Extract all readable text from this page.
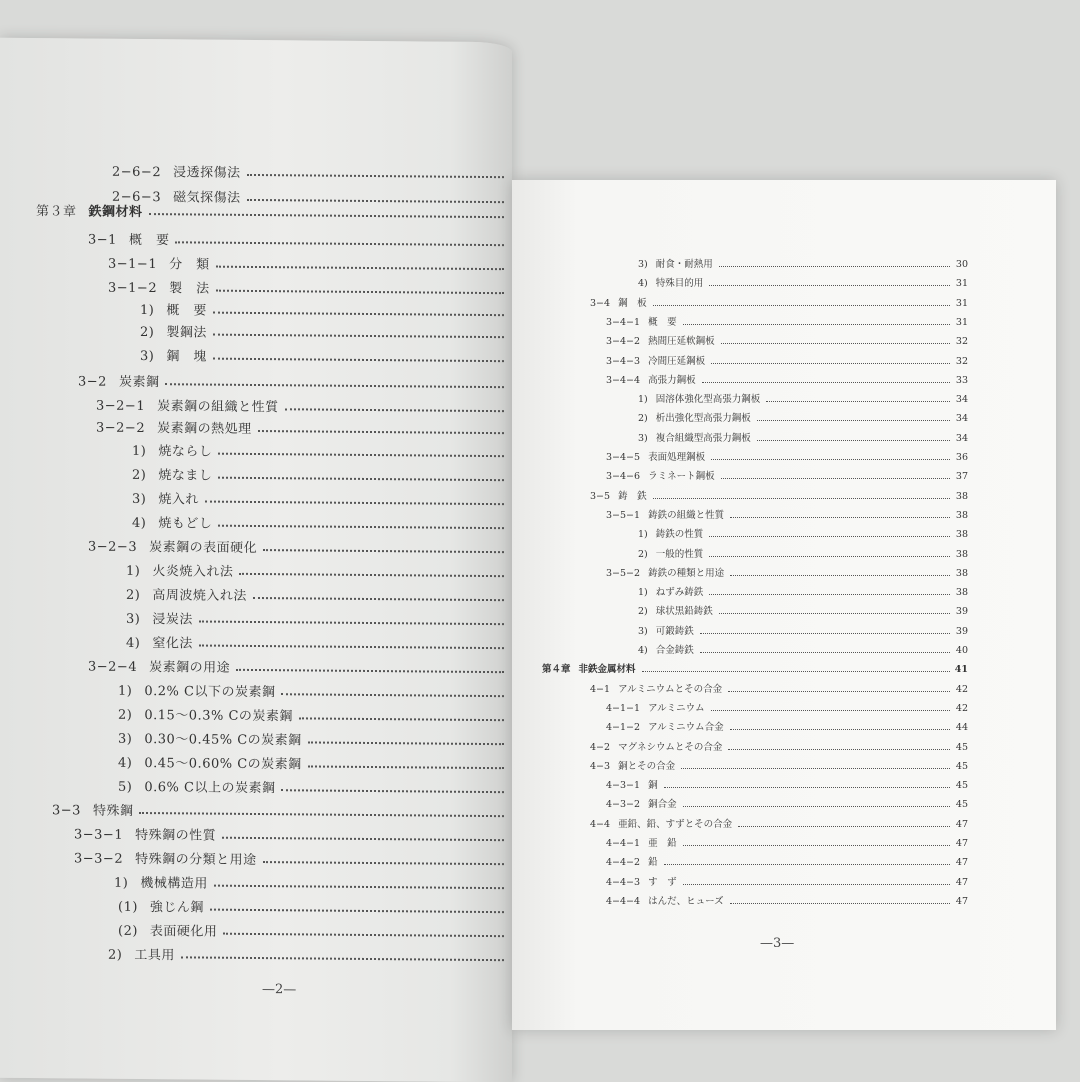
2−6−2 浸透探傷法
2−6−3 磁気探傷法
第３章 鉄鋼材料
3−1 概　要
3−1−1 分　類
3−1−2 製　法
1) 概　要
2) 製鋼法
3) 鋼　塊
3−2 炭素鋼
3−2−1 炭素鋼の組織と性質
3−2−2 炭素鋼の熱処理
1) 焼ならし
2) 焼なまし
3) 焼入れ
4) 焼もどし
3−2−3 炭素鋼の表面硬化
1) 火炎焼入れ法
2) 高周波焼入れ法
3) 浸炭法
4) 窒化法
3−2−4 炭素鋼の用途
1) 0.2% C以下の炭素鋼
2) 0.15〜0.3% Cの炭素鋼
3) 0.30〜0.45% Cの炭素鋼
4) 0.45〜0.60% Cの炭素鋼
5) 0.6% C以上の炭素鋼
3−3 特殊鋼
3−3−1 特殊鋼の性質
3−3−2 特殊鋼の分類と用途
1) 機械構造用
(1) 強じん鋼
(2) 表面硬化用
2) 工具用
—2—
3) 耐食・耐熱用	30
4) 特殊目的用	31
3−4 鋼　板	31
3−4−1 概　要	31
3−4−2 熱間圧延軟鋼板	32
3−4−3 冷間圧延鋼板	32
3−4−4 高張力鋼板	33
1) 固溶体強化型高張力鋼板	34
2) 析出強化型高張力鋼板	34
3) 複合組織型高張力鋼板	34
3−4−5 表面処理鋼板	36
3−4−6 ラミネート鋼板	37
3−5 鋳　鉄	38
3−5−1 鋳鉄の組織と性質	38
1) 鋳鉄の性質	38
2) 一般的性質	38
3−5−2 鋳鉄の種類と用途	38
1) ねずみ鋳鉄	38
2) 球状黒鉛鋳鉄	39
3) 可鍛鋳鉄	39
4) 合金鋳鉄	40
第４章 非鉄金属材料	41
4−1 アルミニウムとその合金	42
4−1−1 アルミニウム	42
4−1−2 アルミニウム合金	44
4−2 マグネシウムとその合金	45
4−3 銅とその合金	45
4−3−1 銅	45
4−3−2 銅合金	45
4−4 亜鉛、鉛、すずとその合金	47
4−4−1 亜　鉛	47
4−4−2 鉛	47
4−4−3 す　ず	47
4−4−4 はんだ、ヒューズ	47
—3—
